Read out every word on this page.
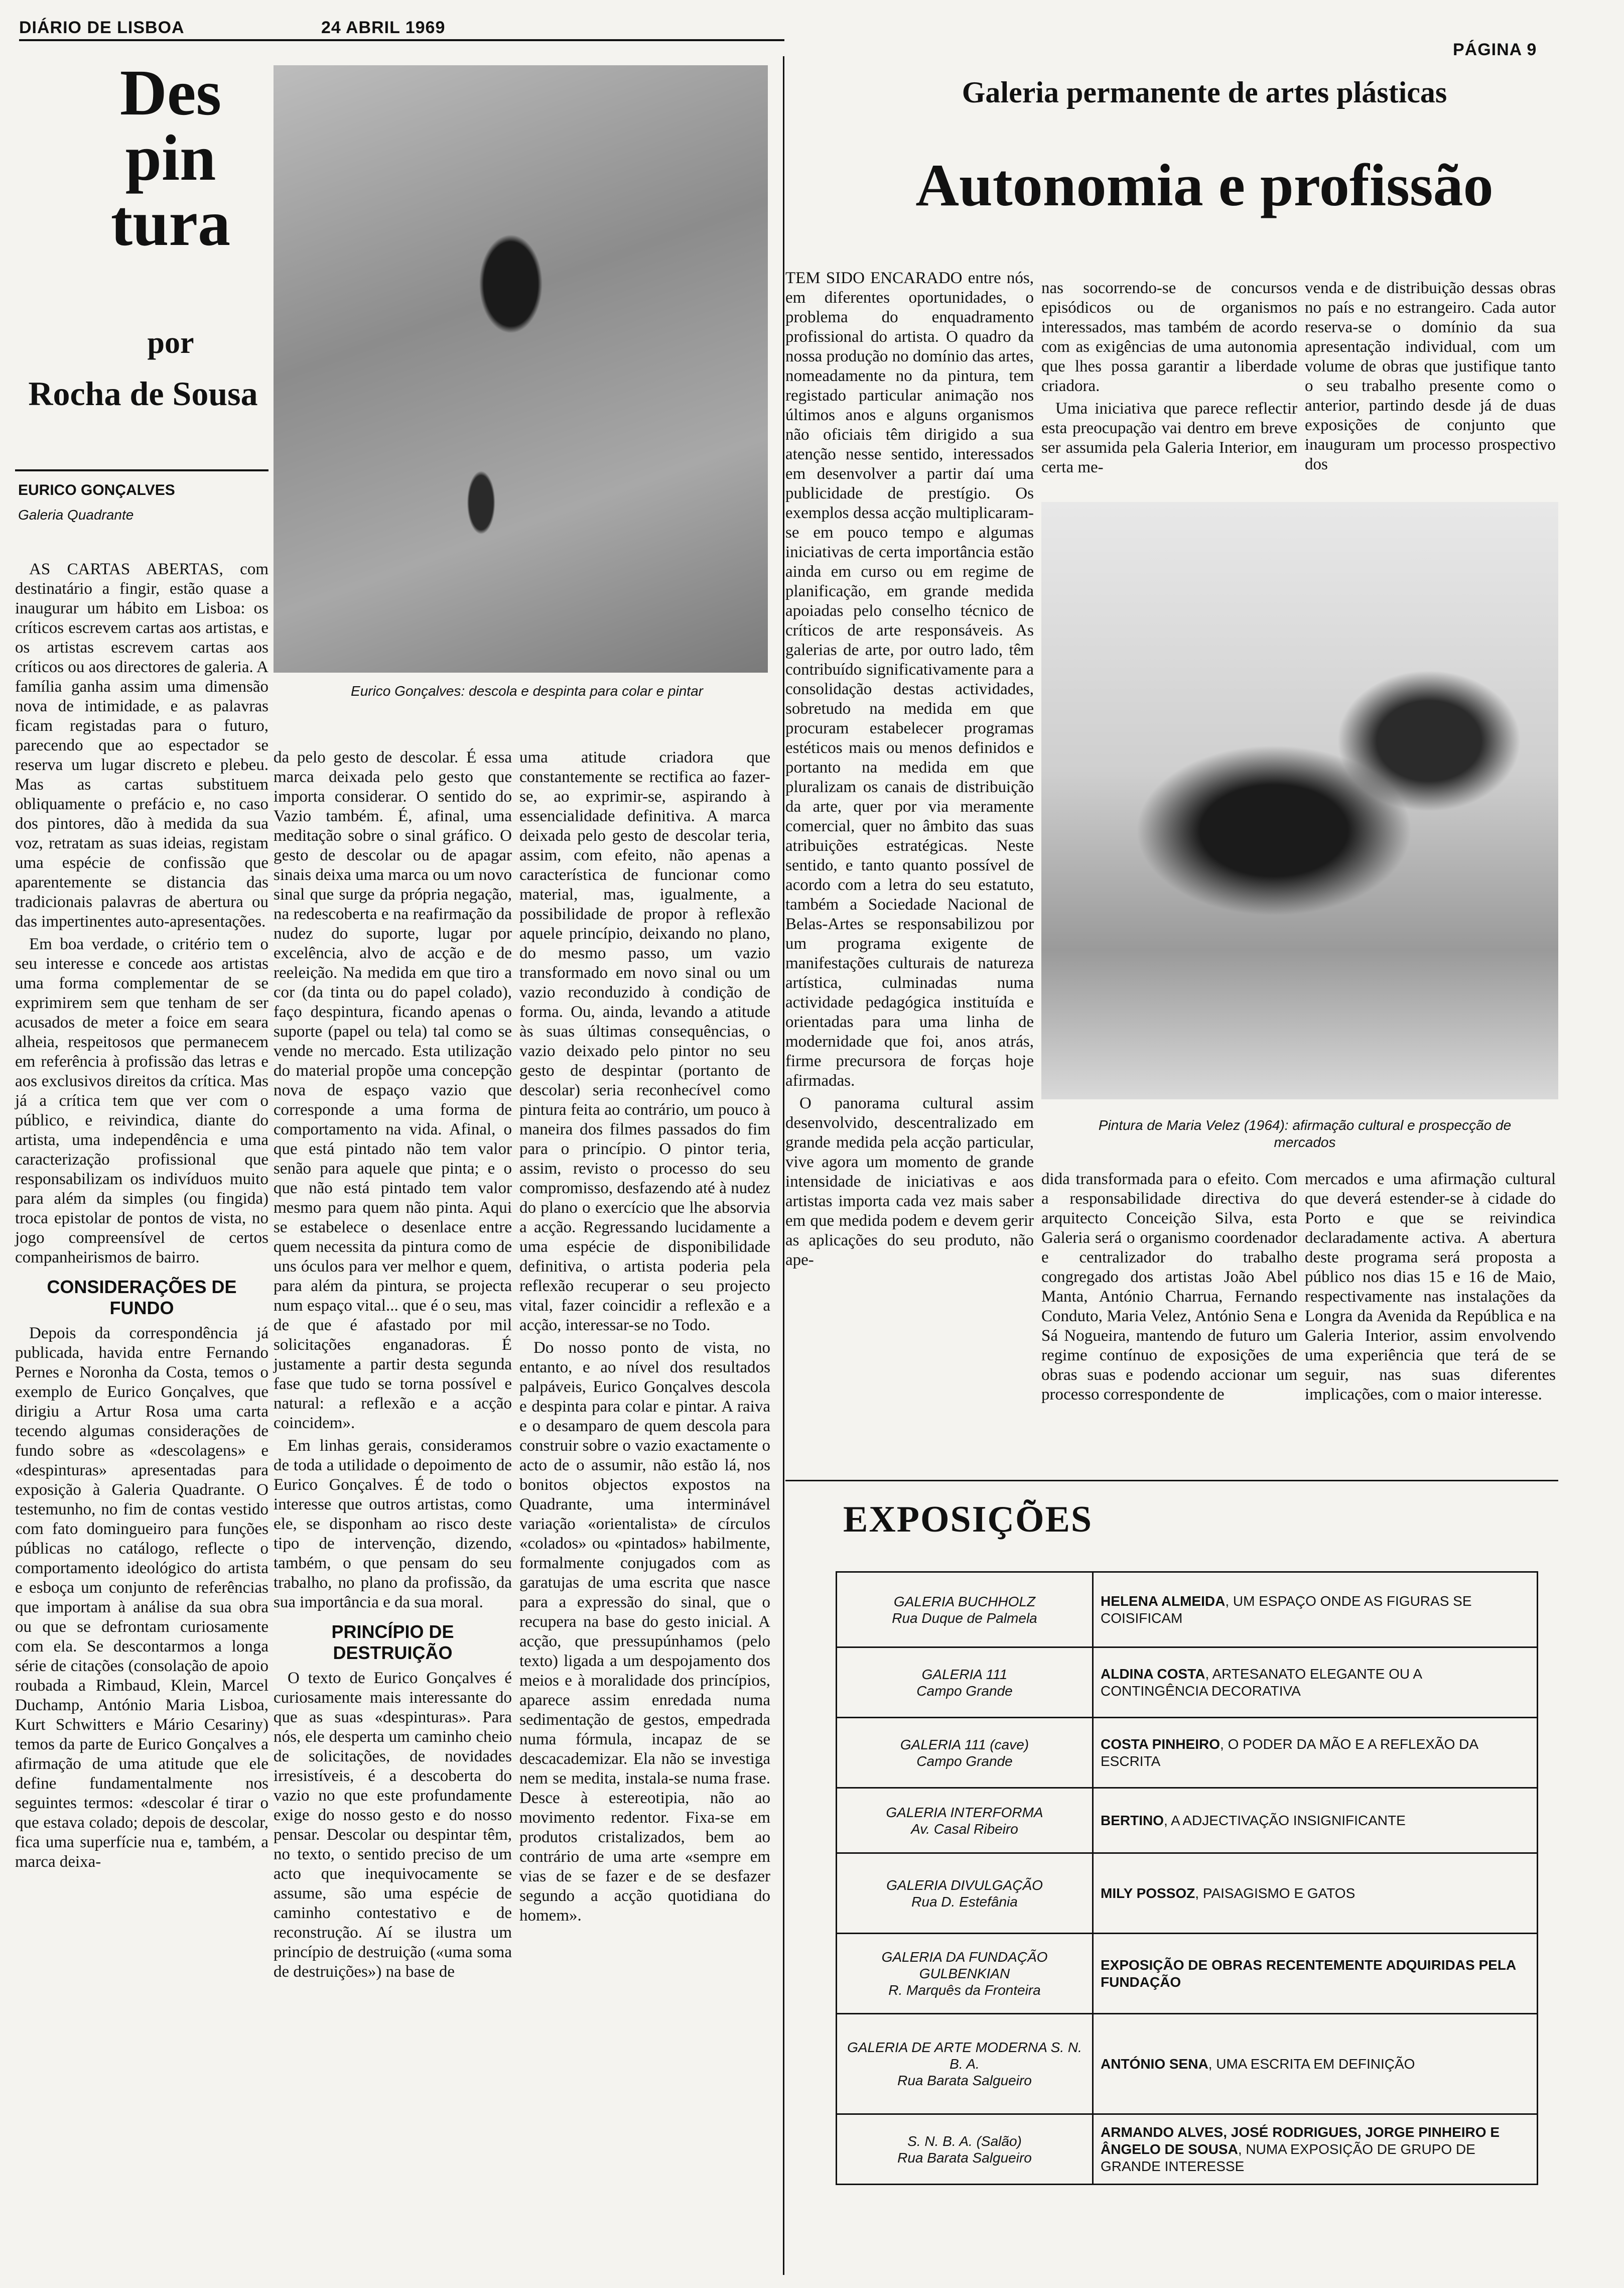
DIÁRIO DE LISBOA	24 ABRIL 1969
PÁGINA 9
Des
pin
tura
por
Rocha de Sousa
EURICO GONÇALVES
Galeria Quadrante
Eurico Gonçalves: descola e despinta para colar e pintar

AS CARTAS ABERTAS, com destinatário a fingir, estão quase a inaugurar um hábito em Lisboa: os críticos escrevem cartas aos artistas, e os artistas escrevem cartas aos críticos ou aos directores de galeria. A família ganha assim uma dimensão nova de intimidade, e as palavras ficam registadas para o futuro, parecendo que ao espectador se reserva um lugar discreto e plebeu. Mas as cartas substituem obliquamente o prefácio e, no caso dos pintores, dão à medida da sua voz, retratam as suas ideias, registam uma espécie de confissão que aparentemente se distancia das tradicionais palavras de abertura ou das impertinentes auto-apresentações.

Em boa verdade, o critério tem o seu interesse e concede aos artistas uma forma complementar de se exprimirem sem que tenham de ser acusados de meter a foice em seara alheia, respeitosos que permanecem em referência à profissão das letras e aos exclusivos direitos da crítica. Mas já a crítica tem que ver com o público, e reivindica, diante do artista, uma independência e uma caracterização profissional que responsabilizam os indivíduos muito para além da simples (ou fingida) troca epistolar de pontos de vista, no jogo compreensível de certos companheirismos de bairro.

CONSIDERAÇÕES DE FUNDO

Depois da correspondência já publicada, havida entre Fernando Pernes e Noronha da Costa, temos o exemplo de Eurico Gonçalves, que dirigiu a Artur Rosa uma carta tecendo algumas considerações de fundo sobre as «descolagens» e «despinturas» apresentadas para exposição à Galeria Quadrante. O testemunho, no fim de contas vestido com fato domingueiro para funções públicas no catálogo, reflecte o comportamento ideológico do artista e esboça um conjunto de referências que importam à análise da sua obra ou que se defrontam curiosamente com ela. Se descontarmos a longa série de citações (consolação de apoio roubada a Rimbaud, Klein, Marcel Duchamp, António Maria Lisboa, Kurt Schwitters e Mário Cesariny) temos da parte de Eurico Gonçalves a afirmação de uma atitude que ele define fundamentalmente nos seguintes termos: «descolar é tirar o que estava colado; depois de descolar, fica uma superfície nua e, também, a marca deixa-

da pelo gesto de descolar. É essa marca deixada pelo gesto que importa considerar. O sentido do Vazio também. É, afinal, uma meditação sobre o sinal gráfico. O gesto de descolar ou de apagar sinais deixa uma marca ou um novo sinal que surge da própria negação, na redescoberta e na reafirmação da nudez do suporte, lugar por excelência, alvo de acção e de reeleição. Na medida em que tiro a cor (da tinta ou do papel colado), faço despintura, ficando apenas o suporte (papel ou tela) tal como se vende no mercado. Esta utilização do material propõe uma concepção nova de espaço vazio que corresponde a uma forma de comportamento na vida. Afinal, o que está pintado não tem valor senão para aquele que pinta; e o que não está pintado tem valor mesmo para quem não pinta. Aqui se estabelece o desenlace entre quem necessita da pintura como de uns óculos para ver melhor e quem, para além da pintura, se projecta num espaço vital... que é o seu, mas de que é afastado por mil solicitações enganadoras. É justamente a partir desta segunda fase que tudo se torna possível e natural: a reflexão e a acção coincidem».

Em linhas gerais, consideramos de toda a utilidade o depoimento de Eurico Gonçalves. É de todo o interesse que outros artistas, como ele, se disponham ao risco deste tipo de intervenção, dizendo, também, o que pensam do seu trabalho, no plano da profissão, da sua importância e da sua moral.

PRINCÍPIO DE DESTRUIÇÃO

O texto de Eurico Gonçalves é curiosamente mais interessante do que as suas «despinturas». Para nós, ele desperta um caminho cheio de solicitações, de novidades irresistíveis, é a descoberta do vazio no que este profundamente exige do nosso gesto e do nosso pensar. Descolar ou despintar têm, no texto, o sentido preciso de um acto que inequivocamente se assume, são uma espécie de caminho contestativo e de reconstrução. Aí se ilustra um princípio de destruição («uma soma de destruições») na base de

uma atitude criadora que constantemente se rectifica ao fazer-se, ao exprimir-se, aspirando à essencialidade definitiva. A marca deixada pelo gesto de descolar teria, assim, com efeito, não apenas a característica de funcionar como material, mas, igualmente, a possibilidade de propor à reflexão aquele princípio, deixando no plano, do mesmo passo, um vazio transformado em novo sinal ou um vazio reconduzido à condição de forma. Ou, ainda, levando a atitude às suas últimas consequências, o vazio deixado pelo pintor no seu gesto de despintar (portanto de descolar) seria reconhecível como pintura feita ao contrário, um pouco à maneira dos filmes passados do fim para o princípio. O pintor teria, assim, revisto o processo do seu compromisso, desfazendo até à nudez do plano o exercício que lhe absorvia a acção. Regressando lucidamente a uma espécie de disponibilidade definitiva, o artista poderia pela reflexão recuperar o seu projecto vital, fazer coincidir a reflexão e a acção, interessar-se no Todo.

Do nosso ponto de vista, no entanto, e ao nível dos resultados palpáveis, Eurico Gonçalves descola e despinta para colar e pintar. A raiva e o desamparo de quem descola para construir sobre o vazio exactamente o acto de o assumir, não estão lá, nos bonitos objectos expostos na Quadrante, uma interminável variação «orientalista» de círculos «colados» ou «pintados» habilmente, formalmente conjugados com as garatujas de uma escrita que nasce para a expressão do sinal, que o recupera na base do gesto inicial. A acção, que pressupúnhamos (pelo texto) ligada a um despojamento dos meios e à moralidade dos princípios, aparece assim enredada numa sedimentação de gestos, empedrada numa fórmula, incapaz de se descacademizar. Ela não se investiga nem se medita, instala-se numa frase. Desce à estereotipia, não ao movimento redentor. Fixa-se em produtos cristalizados, bem ao contrário de uma arte «sempre em vias de se fazer e de se desfazer segundo a acção quotidiana do homem».

Galeria permanente de artes plásticas
Autonomia e profissão

TEM SIDO ENCARADO entre nós, em diferentes oportunidades, o problema do enquadramento profissional do artista. O quadro da nossa produção no domínio das artes, nomeadamente no da pintura, tem registado particular animação nos últimos anos e alguns organismos não oficiais têm dirigido a sua atenção nesse sentido, interessados em desenvolver a partir daí uma publicidade de prestígio. Os exemplos dessa acção multiplicaram-se em pouco tempo e algumas iniciativas de certa importância estão ainda em curso ou em regime de planificação, em grande medida apoiadas pelo conselho técnico de críticos de arte responsáveis. As galerias de arte, por outro lado, têm contribuído significativamente para a consolidação destas actividades, sobretudo na medida em que procuram estabelecer programas estéticos mais ou menos definidos e portanto na medida em que pluralizam os canais de distribuição da arte, quer por via meramente comercial, quer no âmbito das suas atribuições estratégicas. Neste sentido, e tanto quanto possível de acordo com a letra do seu estatuto, também a Sociedade Nacional de Belas-Artes se responsabilizou por um programa exigente de manifestações culturais de natureza artística, culminadas numa actividade pedagógica instituída e orientadas para uma linha de modernidade que foi, anos atrás, firme precursora de forças hoje afirmadas.

O panorama cultural assim desenvolvido, descentralizado em grande medida pela acção particular, vive agora um momento de grande intensidade de iniciativas e aos artistas importa cada vez mais saber em que medida podem e devem gerir as aplicações do seu produto, não ape-

nas socorrendo-se de concursos episódicos ou de organismos interessados, mas também de acordo com as exigências de uma autonomia que lhes possa garantir a liberdade criadora.

Uma iniciativa que parece reflectir esta preocupação vai dentro em breve ser assumida pela Galeria Interior, em certa me-

venda e de distribuição dessas obras no país e no estrangeiro. Cada autor reserva-se o domínio da sua apresentação individual, com um volume de obras que justifique tanto o seu trabalho presente como o anterior, partindo desde já de duas exposições de conjunto que inauguram um processo prospectivo dos

Pintura de Maria Velez (1964): afirmação cultural e prospecção de mercados

dida transformada para o efeito. Com a responsabilidade directiva do arquitecto Conceição Silva, esta Galeria será o organismo coordenador e centralizador do trabalho congregado dos artistas João Abel Manta, António Charrua, Fernando Conduto, Maria Velez, António Sena e Sá Nogueira, mantendo de futuro um regime contínuo de exposições de obras suas e podendo accionar um processo correspondente de

mercados e uma afirmação cultural que deverá estender-se à cidade do Porto e que se reivindica declaradamente activa. A abertura deste programa será proposta a público nos dias 15 e 16 de Maio, respectivamente nas instalações da Longra da Avenida da República e na Galeria Interior, assim envolvendo uma experiência que terá de se seguir, nas suas diferentes implicações, com o maior interesse.

EXPOSIÇÕES
GALERIA BUCHHOLZ
Rua Duque de Palmela	HELENA ALMEIDA, UM ESPAÇO ONDE AS FIGURAS SE COISIFICAM

GALERIA 111
Campo Grande	ALDINA COSTA, ARTESANATO ELEGANTE OU A CONTINGÊNCIA DECORATIVA

GALERIA 111 (cave)
Campo Grande	COSTA PINHEIRO, O PODER DA MÃO E A REFLEXÃO DA ESCRITA

GALERIA INTERFORMA
Av. Casal Ribeiro	BERTINO, A ADJECTIVAÇÃO INSIGNIFICANTE

GALERIA DIVULGAÇÃO
Rua D. Estefânia	MILY POSSOZ, PAISAGISMO E GATOS

GALERIA DA FUNDAÇÃO GULBENKIAN
R. Marquês da Fronteira	EXPOSIÇÃO DE OBRAS RECENTEMENTE ADQUIRIDAS PELA FUNDAÇÃO

GALERIA DE ARTE MODERNA S. N. B. A.
Rua Barata Salgueiro	ANTÓNIO SENA, UMA ESCRITA EM DEFINIÇÃO

S. N. B. A. (Salão)
Rua Barata Salgueiro	ARMANDO ALVES, JOSÉ RODRIGUES, JORGE PINHEIRO E ÂNGELO DE SOUSA, NUMA EXPOSIÇÃO DE GRUPO DE GRANDE INTERESSE
